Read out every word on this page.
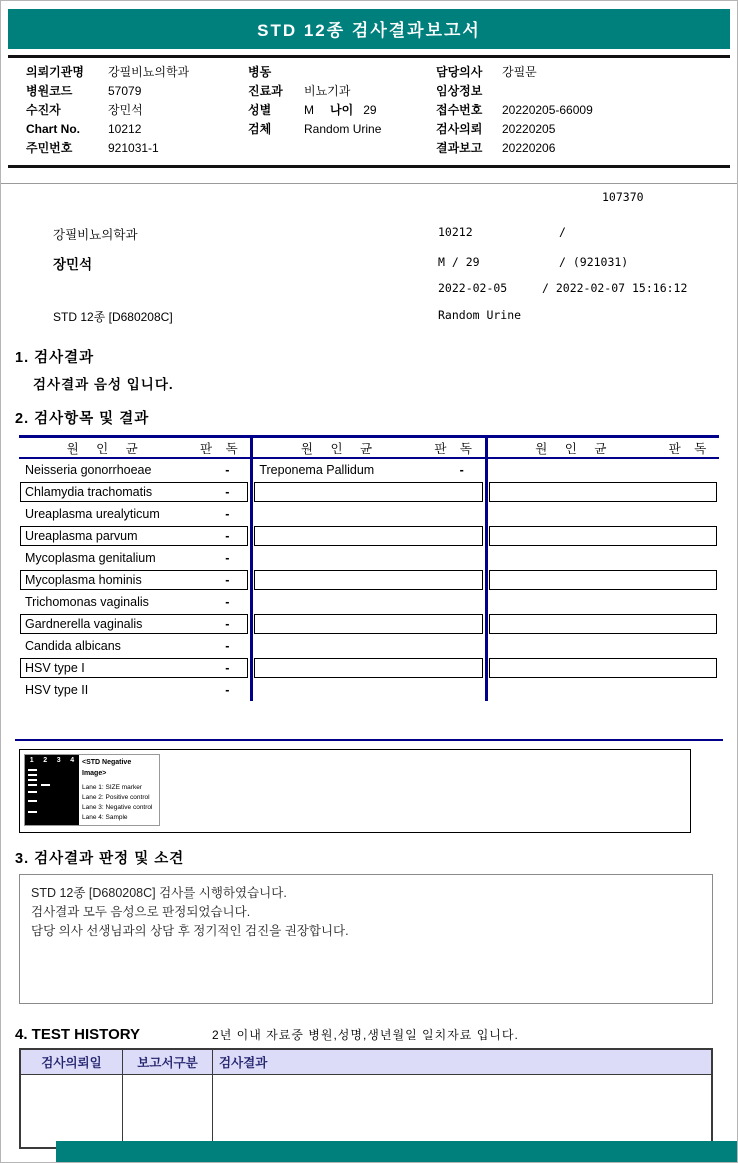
STD 12종 검사결과보고서
의뢰기관명	강필비뇨의학과
병원코드	57079
수진자	장민석
Chart No.	10212
주민번호	921031-1
병동
진료과	비뇨기과
성별	M 나이 29
검체	Random Urine
담당의사	강필문
임상정보
접수번호	20220205-66009
검사의뢰	20220205
결과보고	20220206
107370
강필비뇨의학과	10212	/
장민석	M / 29	/ (921031)
2022-02-05	/ 2022-02-07 15:16:12
STD 12종 [D680208C]	Random Urine
1. 검사결과
검사결과 음성 입니다.
2. 검사항목 및 결과
원 인 균	판 독
Neisseria gonorrhoeae	-
Chlamydia trachomatis	-
Ureaplasma urealyticum	-
Ureaplasma parvum	-
Mycoplasma genitalium	-
Mycoplasma hominis	-
Trichomonas vaginalis	-
Gardnerella vaginalis	-
Candida albicans	-
HSV type I	-
HSV type II	-
원 인 균	판 독
Treponema Pallidum	-
원 인 균	판 독
1 2 3 4 <STD Negative Image>
Lane 1: SIZE marker
Lane 2: Positive control
Lane 3: Negative control
Lane 4: Sample
3. 검사결과 판정 및 소견
STD 12종 [D680208C] 검사를 시행하였습니다.
검사결과 모두 음성으로 판정되었습니다.
담당 의사 선생님과의 상담 후 정기적인 검진을 권장합니다.
4. TEST HISTORY	2년 이내 자료중 병원,성명,생년월일 일치자료 입니다.
검사의뢰일	보고서구분	검사결과
